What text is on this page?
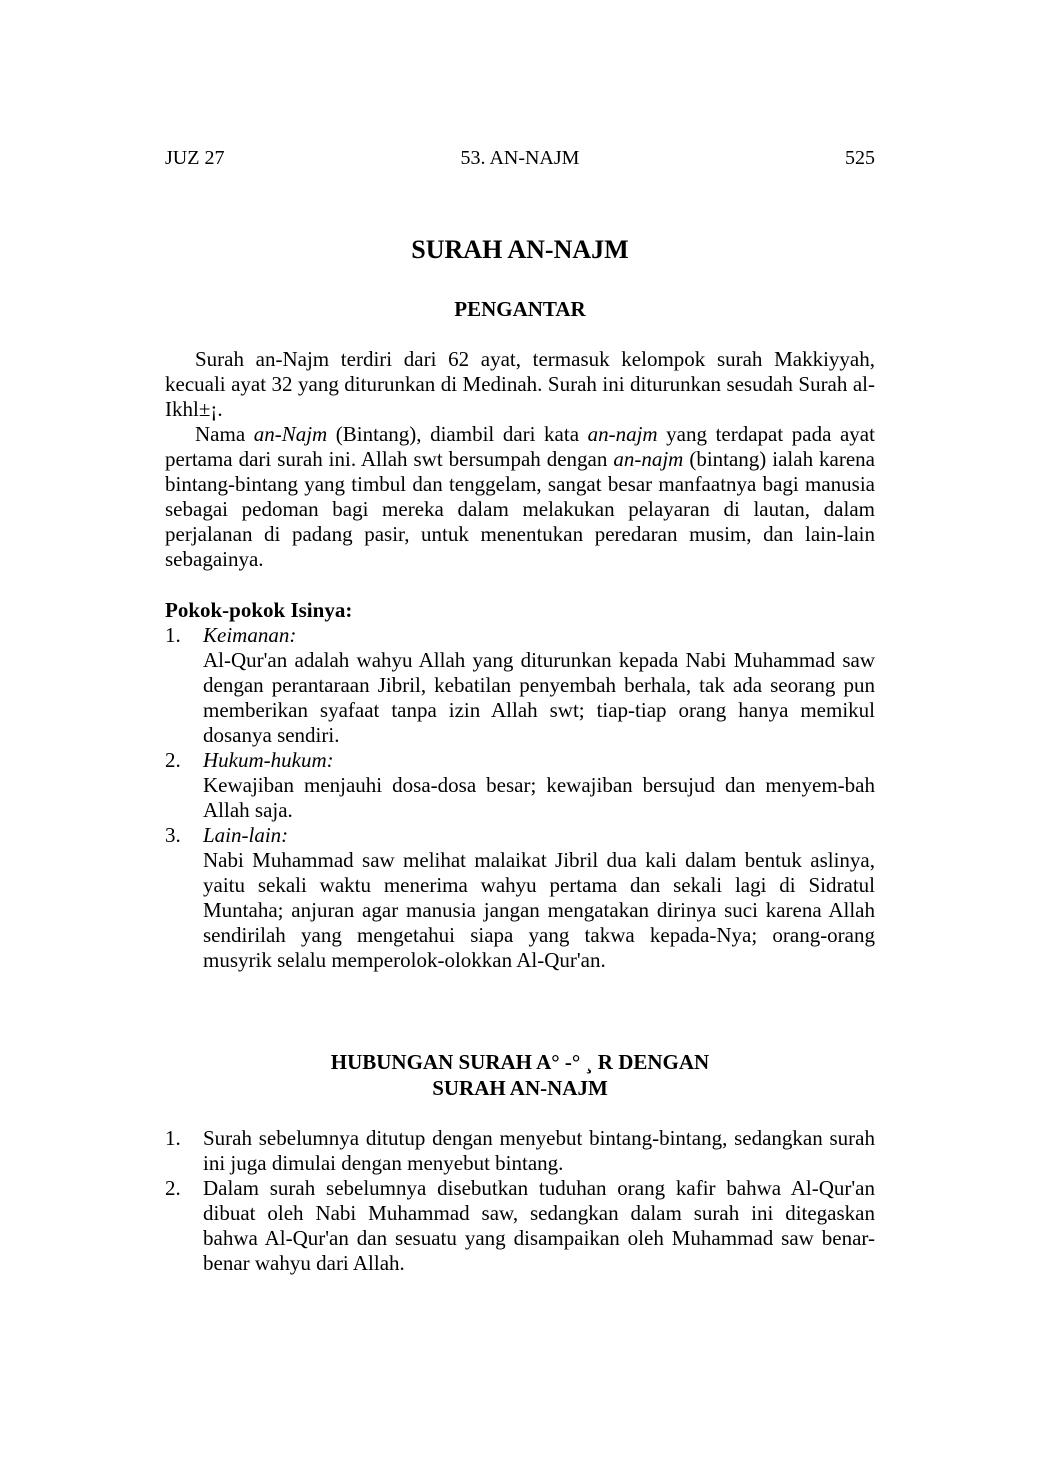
JUZ 27	53. AN-NAJM	525
SURAH AN-NAJM
PENGANTAR

Surah an-Najm terdiri dari 62 ayat, termasuk kelompok surah Makkiyyah, kecuali ayat 32 yang diturunkan di Medinah. Surah ini diturunkan sesudah Surah al-Ikhl±¡.

Nama an-Najm (Bintang), diambil dari kata an-najm yang terdapat pada ayat pertama dari surah ini. Allah swt bersumpah dengan an-najm (bintang) ialah karena bintang-bintang yang timbul dan tenggelam, sangat besar manfaatnya bagi manusia sebagai pedoman bagi mereka dalam melakukan pelayaran di lautan, dalam perjalanan di padang pasir, untuk menentukan peredaran musim, dan lain-lain sebagainya.

Pokok-pokok Isinya:
1. Keimanan:
Al-Qur'an adalah wahyu Allah yang diturunkan kepada Nabi Muhammad saw dengan perantaraan Jibril, kebatilan penyembah berhala, tak ada seorang pun memberikan syafaat tanpa izin Allah swt; tiap-tiap orang hanya memikul dosanya sendiri.
2. Hukum-hukum:
Kewajiban menjauhi dosa-dosa besar; kewajiban bersujud dan menyem-bah Allah saja.
3. Lain-lain:
Nabi Muhammad saw melihat malaikat Jibril dua kali dalam bentuk aslinya, yaitu sekali waktu menerima wahyu pertama dan sekali lagi di Sidratul Muntaha; anjuran agar manusia jangan mengatakan dirinya suci karena Allah sendirilah yang mengetahui siapa yang takwa kepada-Nya; orang-orang musyrik selalu memperolok-olokkan Al-Qur'an.
HUBUNGAN SURAH A° -° ¸ R DENGAN
SURAH AN-NAJM
1. Surah sebelumnya ditutup dengan menyebut bintang-bintang, sedangkan surah ini juga dimulai dengan menyebut bintang.
2. Dalam surah sebelumnya disebutkan tuduhan orang kafir bahwa Al-Qur'an dibuat oleh Nabi Muhammad saw, sedangkan dalam surah ini ditegaskan bahwa Al-Qur'an dan sesuatu yang disampaikan oleh Muhammad saw benar-benar wahyu dari Allah.
